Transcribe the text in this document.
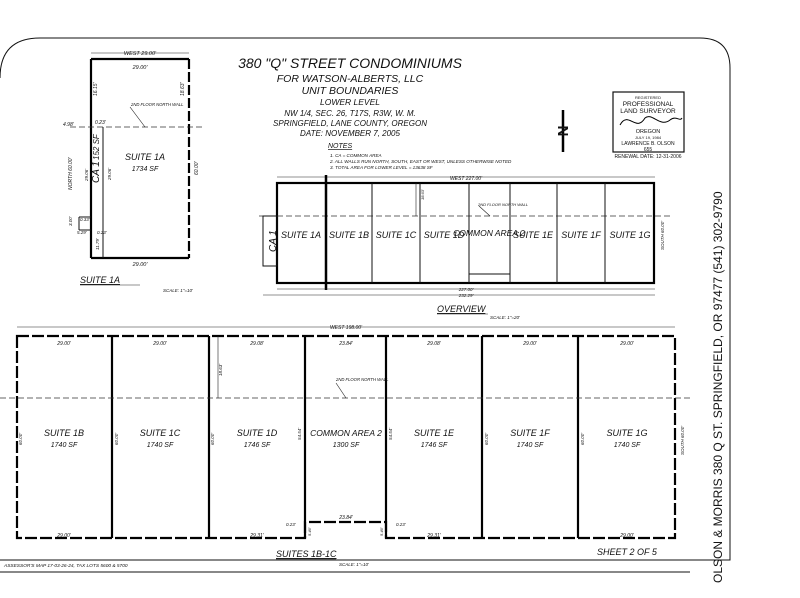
380 "Q" STREET CONDOMINIUMS
FOR WATSON-ALBERTS, LLC
UNIT BOUNDARIES
LOWER LEVEL
NW 1/4, SEC. 26, T17S, R3W, W. M.
SPRINGFIELD, LANE COUNTY, OREGON
DATE: NOVEMBER 7, 2005
NOTES
1. CA = COMMON AREA
2. ALL WALLS RUN NORTH, SOUTH, EAST OR WEST, UNLESS OTHERWISE NOTED
3. TOTAL AREA FOR LOWER LEVEL = 13638 SF
N
REGISTERED
PROFESSIONAL
LAND SURVEYOR
OREGON
JULY 19, 1984
LAWRENCE B. OLSON
655
RENEWAL DATE: 12-31-2006
WEST 29.00'
2ND FLOOR NORTH WALL
29.00'
16.15'	18.63'
4.98'	0.23'
NORTH 60.00' CA 1
152 SF
29.06'	29.06'	60.00'
3.00' 0.33'
5.29' 0.23'
11.79'
SUITE 1A
1734 SF
29.00'
SUITE 1A
SCALE: 1"=10'
WEST 227.00'
CA 1
18.63'
2ND FLOOR NORTH WALL
SUITE 1A SUITE 1B SUITE 1C SUITE 1D
COMMON AREA 2
SUITE 1E SUITE 1F SUITE 1G SOUTH 60.00'
227.00'
232.29'
OVERVIEW
SCALE: 1"=20'
WEST 198.00'
18.63'
2ND FLOOR NORTH WALL
29.00'	29.00'	29.08'	23.84'	29.08'	29.00'	29.00'
SUITE 1B
1740 SF
SUITE 1C
1740 SF
SUITE 1D
1746 SF
COMMON AREA 2
1300 SF
SUITE 1E
1746 SF
SUITE 1F
1740 SF
SUITE 1G
1740 SF
60.00'	60.00'	60.00'	54.54'	54.54'	60.00'	60.00'	SOUTH 60.00'
29.00'	29.31'
23.84'
29.31'	29.00'
0.23'	0.23'
5.46'	5.46'
SUITES 1B-1C
SCALE: 1"=10'
ASSESSOR'S MAP 17-03-26-24, TAX LOTS 5600 & 5700
SHEET 2 OF 5	OLSON & MORRIS 380 Q ST. SPRINGFIELD, OR 97477 (541) 302-9790
